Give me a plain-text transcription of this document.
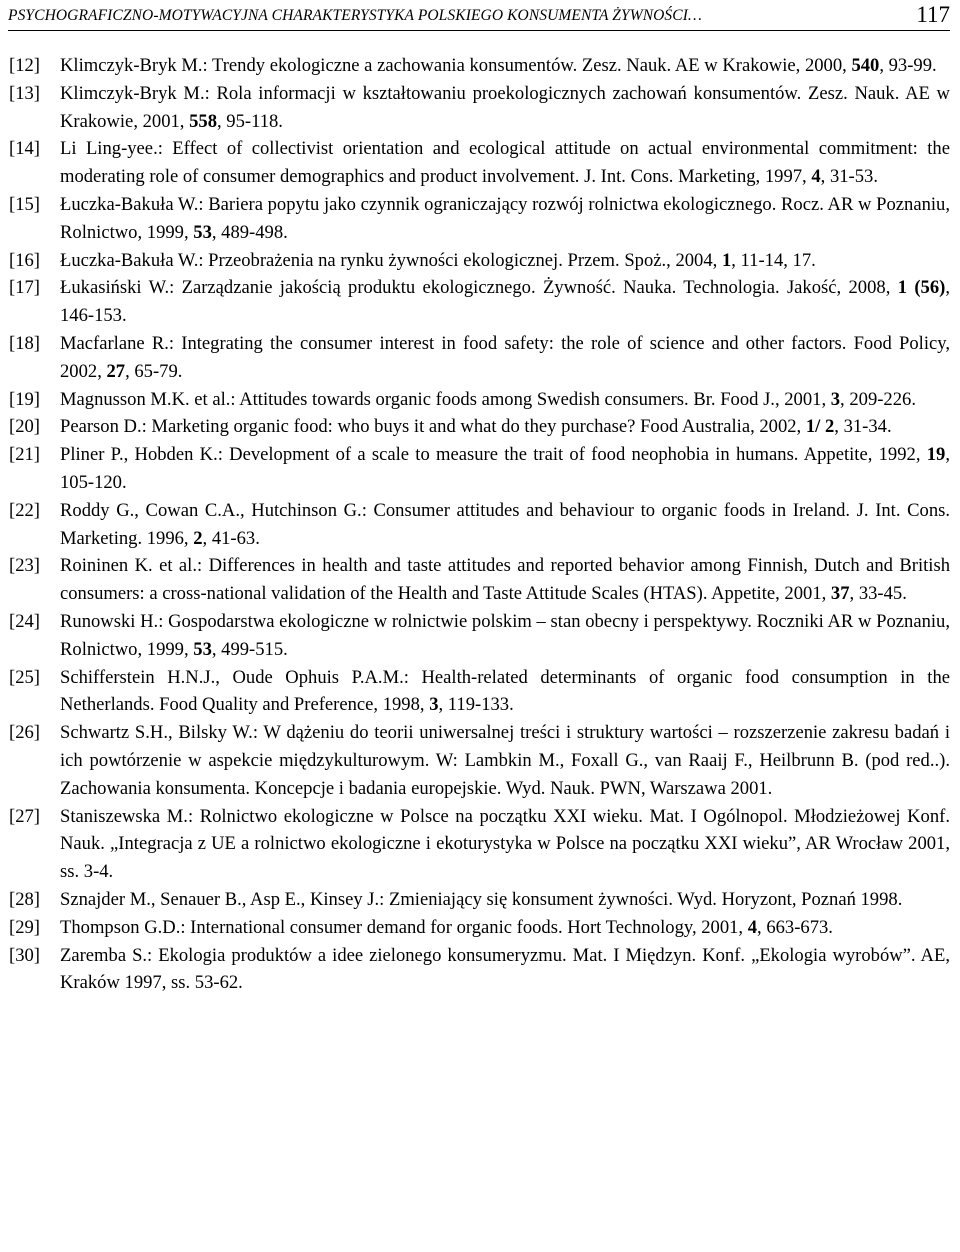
PSYCHOGRAFICZNO-MOTYWACYJNA CHARAKTERYSTYKA POLSKIEGO KONSUMENTA ŻYWNOŚCI…	117
[12]	Klimczyk-Bryk M.: Trendy ekologiczne a zachowania konsumentów. Zesz. Nauk. AE w Krakowie, 2000, 540, 93-99.
[13]	Klimczyk-Bryk M.: Rola informacji w kształtowaniu proekologicznych zachowań konsumentów. Zesz. Nauk. AE w Krakowie, 2001, 558, 95-118.
[14]	Li Ling-yee.: Effect of collectivist orientation and ecological attitude on actual environmental commitment: the moderating role of consumer demographics and product involvement. J. Int. Cons. Marketing, 1997, 4, 31-53.
[15]	Łuczka-Bakuła W.: Bariera popytu jako czynnik ograniczający rozwój rolnictwa ekologicznego. Rocz. AR w Poznaniu, Rolnictwo, 1999, 53, 489-498.
[16]	Łuczka-Bakuła W.: Przeobrażenia na rynku żywności ekologicznej. Przem. Spoż., 2004, 1, 11-14, 17.
[17]	Łukasiński W.: Zarządzanie jakością produktu ekologicznego. Żywność. Nauka. Technologia. Jakość, 2008, 1 (56), 146-153.
[18]	Macfarlane R.: Integrating the consumer interest in food safety: the role of science and other factors. Food Policy, 2002, 27, 65-79.
[19]	Magnusson M.K. et al.: Attitudes towards organic foods among Swedish consumers. Br. Food J., 2001, 3, 209-226.
[20]	Pearson D.: Marketing organic food: who buys it and what do they purchase? Food Australia, 2002, 1/ 2, 31-34.
[21]	Pliner P., Hobden K.: Development of a scale to measure the trait of food neophobia in humans. Appetite, 1992, 19, 105-120.
[22]	Roddy G., Cowan C.A., Hutchinson G.: Consumer attitudes and behaviour to organic foods in Ireland. J. Int. Cons. Marketing. 1996, 2, 41-63.
[23]	Roininen K. et al.: Differences in health and taste attitudes and reported behavior among Finnish, Dutch and British consumers: a cross-national validation of the Health and Taste Attitude Scales (HTAS). Appetite, 2001, 37, 33-45.
[24]	Runowski H.: Gospodarstwa ekologiczne w rolnictwie polskim – stan obecny i perspektywy. Roczniki AR w Poznaniu, Rolnictwo, 1999, 53, 499-515.
[25]	Schifferstein H.N.J., Oude Ophuis P.A.M.: Health-related determinants of organic food consumption in the Netherlands. Food Quality and Preference, 1998, 3, 119-133.
[26]	Schwartz S.H., Bilsky W.: W dążeniu do teorii uniwersalnej treści i struktury wartości – rozszerzenie zakresu badań i ich powtórzenie w aspekcie międzykulturowym. W: Lambkin M., Foxall G., van Raaij F., Heilbrunn B. (pod red..). Zachowania konsumenta. Koncepcje i badania europejskie. Wyd. Nauk. PWN, Warszawa 2001.
[27]	Staniszewska M.: Rolnictwo ekologiczne w Polsce na początku XXI wieku. Mat. I Ogólnopol. Młodzieżowej Konf. Nauk. „Integracja z UE a rolnictwo ekologiczne i ekoturystyka w Polsce na początku XXI wieku”, AR Wrocław 2001, ss. 3-4.
[28]	Sznajder M., Senauer B., Asp E., Kinsey J.: Zmieniający się konsument żywności. Wyd. Horyzont, Poznań 1998.
[29]	Thompson G.D.: International consumer demand for organic foods. Hort Technology, 2001, 4, 663-673.
[30]	Zaremba S.: Ekologia produktów a idee zielonego konsumeryzmu. Mat. I Międzyn. Konf. „Ekologia wyrobów”. AE, Kraków 1997, ss. 53-62.
